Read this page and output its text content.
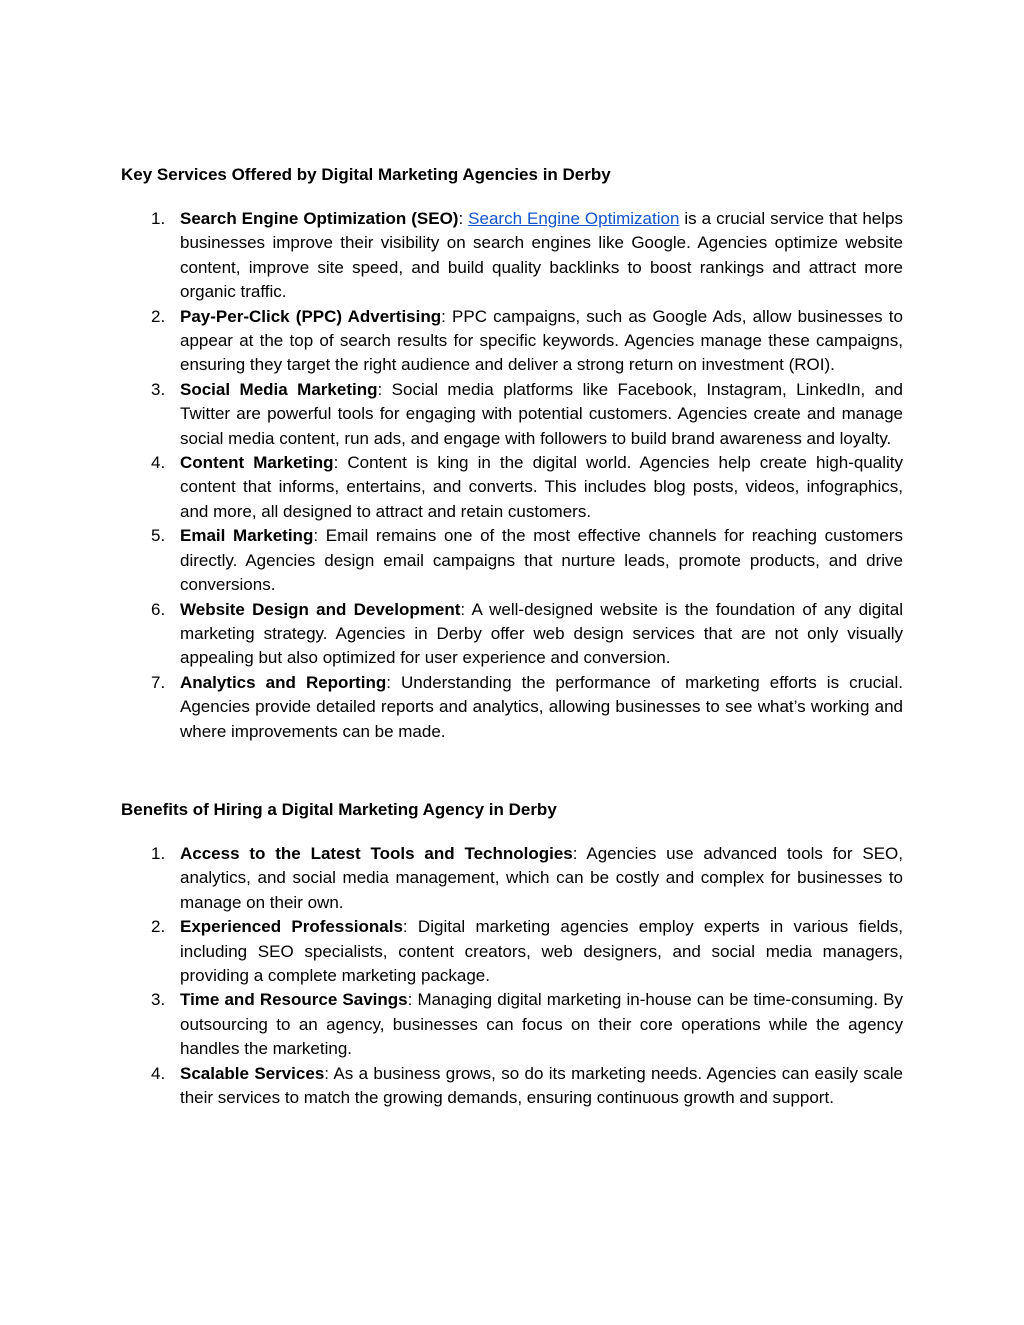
Key Services Offered by Digital Marketing Agencies in Derby
1. Search Engine Optimization (SEO): Search Engine Optimization is a crucial service that helps businesses improve their visibility on search engines like Google. Agencies optimize website content, improve site speed, and build quality backlinks to boost rankings and attract more organic traffic.
2. Pay-Per-Click (PPC) Advertising: PPC campaigns, such as Google Ads, allow businesses to appear at the top of search results for specific keywords. Agencies manage these campaigns, ensuring they target the right audience and deliver a strong return on investment (ROI).
3. Social Media Marketing: Social media platforms like Facebook, Instagram, LinkedIn, and Twitter are powerful tools for engaging with potential customers. Agencies create and manage social media content, run ads, and engage with followers to build brand awareness and loyalty.
4. Content Marketing: Content is king in the digital world. Agencies help create high-quality content that informs, entertains, and converts. This includes blog posts, videos, infographics, and more, all designed to attract and retain customers.
5. Email Marketing: Email remains one of the most effective channels for reaching customers directly. Agencies design email campaigns that nurture leads, promote products, and drive conversions.
6. Website Design and Development: A well-designed website is the foundation of any digital marketing strategy. Agencies in Derby offer web design services that are not only visually appealing but also optimized for user experience and conversion.
7. Analytics and Reporting: Understanding the performance of marketing efforts is crucial. Agencies provide detailed reports and analytics, allowing businesses to see what’s working and where improvements can be made.
Benefits of Hiring a Digital Marketing Agency in Derby
1. Access to the Latest Tools and Technologies: Agencies use advanced tools for SEO, analytics, and social media management, which can be costly and complex for businesses to manage on their own.
2. Experienced Professionals: Digital marketing agencies employ experts in various fields, including SEO specialists, content creators, web designers, and social media managers, providing a complete marketing package.
3. Time and Resource Savings: Managing digital marketing in-house can be time-consuming. By outsourcing to an agency, businesses can focus on their core operations while the agency handles the marketing.
4. Scalable Services: As a business grows, so do its marketing needs. Agencies can easily scale their services to match the growing demands, ensuring continuous growth and support.
